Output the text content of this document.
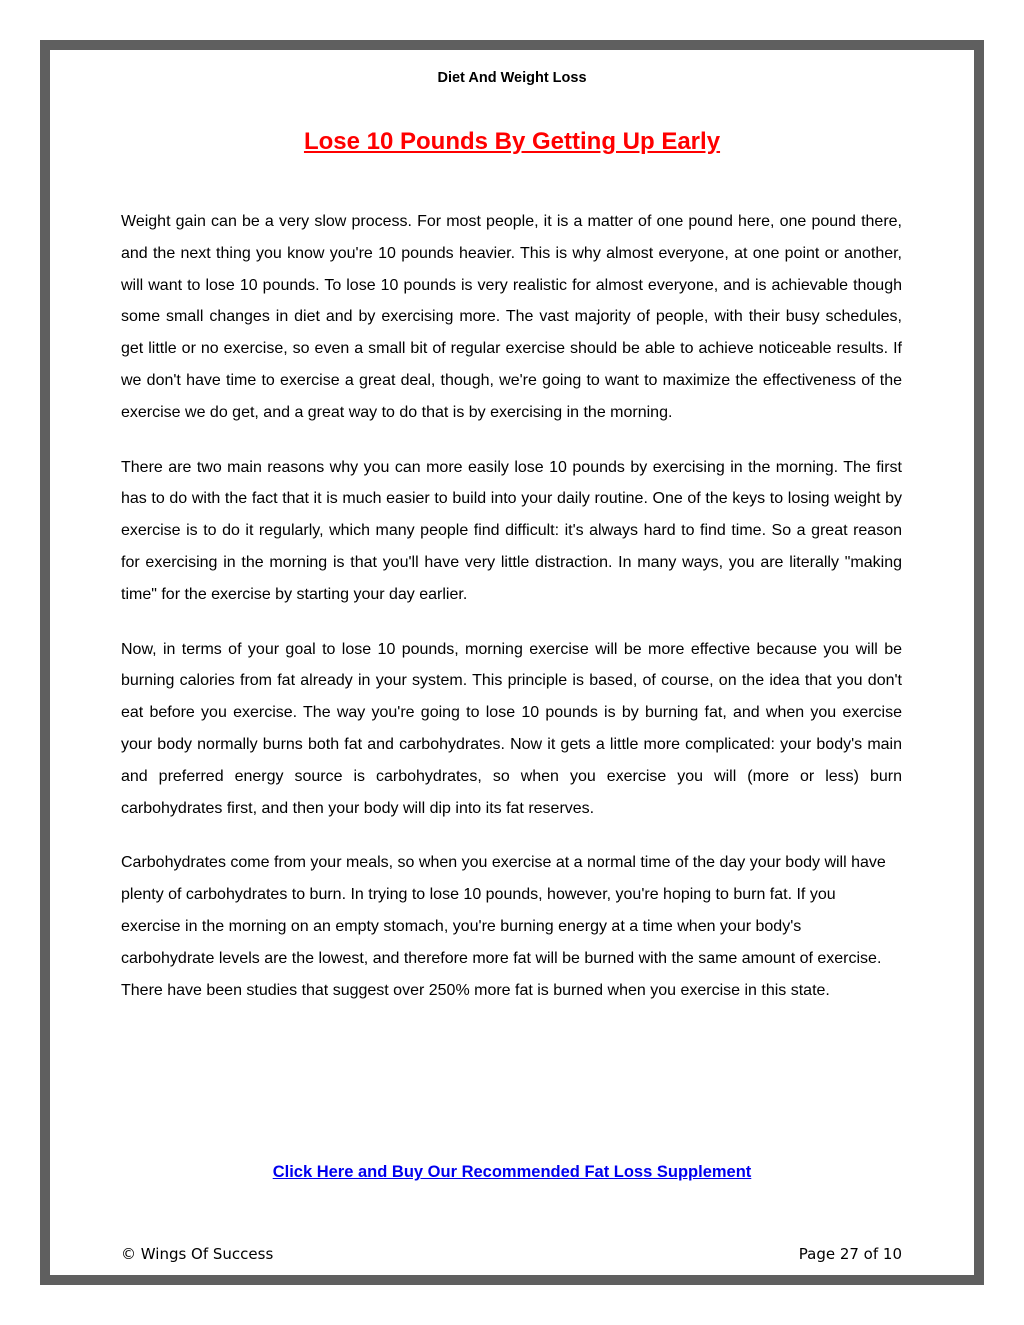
Diet And Weight Loss
Lose 10 Pounds By Getting Up Early

Weight gain can be a very slow process. For most people, it is a matter of one pound here, one pound there, and the next thing you know you're 10 pounds heavier. This is why almost everyone, at one point or another, will want to lose 10 pounds. To lose 10 pounds is very realistic for almost everyone, and is achievable though some small changes in diet and by exercising more. The vast majority of people, with their busy schedules, get little or no exercise, so even a small bit of regular exercise should be able to achieve noticeable results. If we don't have time to exercise a great deal, though, we're going to want to maximize the effectiveness of the exercise we do get, and a great way to do that is by exercising in the morning.

There are two main reasons why you can more easily lose 10 pounds by exercising in the morning. The first has to do with the fact that it is much easier to build into your daily routine. One of the keys to losing weight by exercise is to do it regularly, which many people find difficult: it's always hard to find time. So a great reason for exercising in the morning is that you'll have very little distraction. In many ways, you are literally "making time" for the exercise by starting your day earlier.

Now, in terms of your goal to lose 10 pounds, morning exercise will be more effective because you will be burning calories from fat already in your system. This principle is based, of course, on the idea that you don't eat before you exercise. The way you're going to lose 10 pounds is by burning fat, and when you exercise your body normally burns both fat and carbohydrates. Now it gets a little more complicated: your body's main and preferred energy source is carbohydrates, so when you exercise you will (more or less) burn carbohydrates first, and then your body will dip into its fat reserves.

Carbohydrates come from your meals, so when you exercise at a normal time of the day your body will have plenty of carbohydrates to burn. In trying to lose 10 pounds, however, you're hoping to burn fat. If you exercise in the morning on an empty stomach, you're burning energy at a time when your body's carbohydrate levels are the lowest, and therefore more fat will be burned with the same amount of exercise. There have been studies that suggest over 250% more fat is burned when you exercise in this state.

Click Here and Buy Our Recommended Fat Loss Supplement
© Wings Of Success	Page 27 of 10
